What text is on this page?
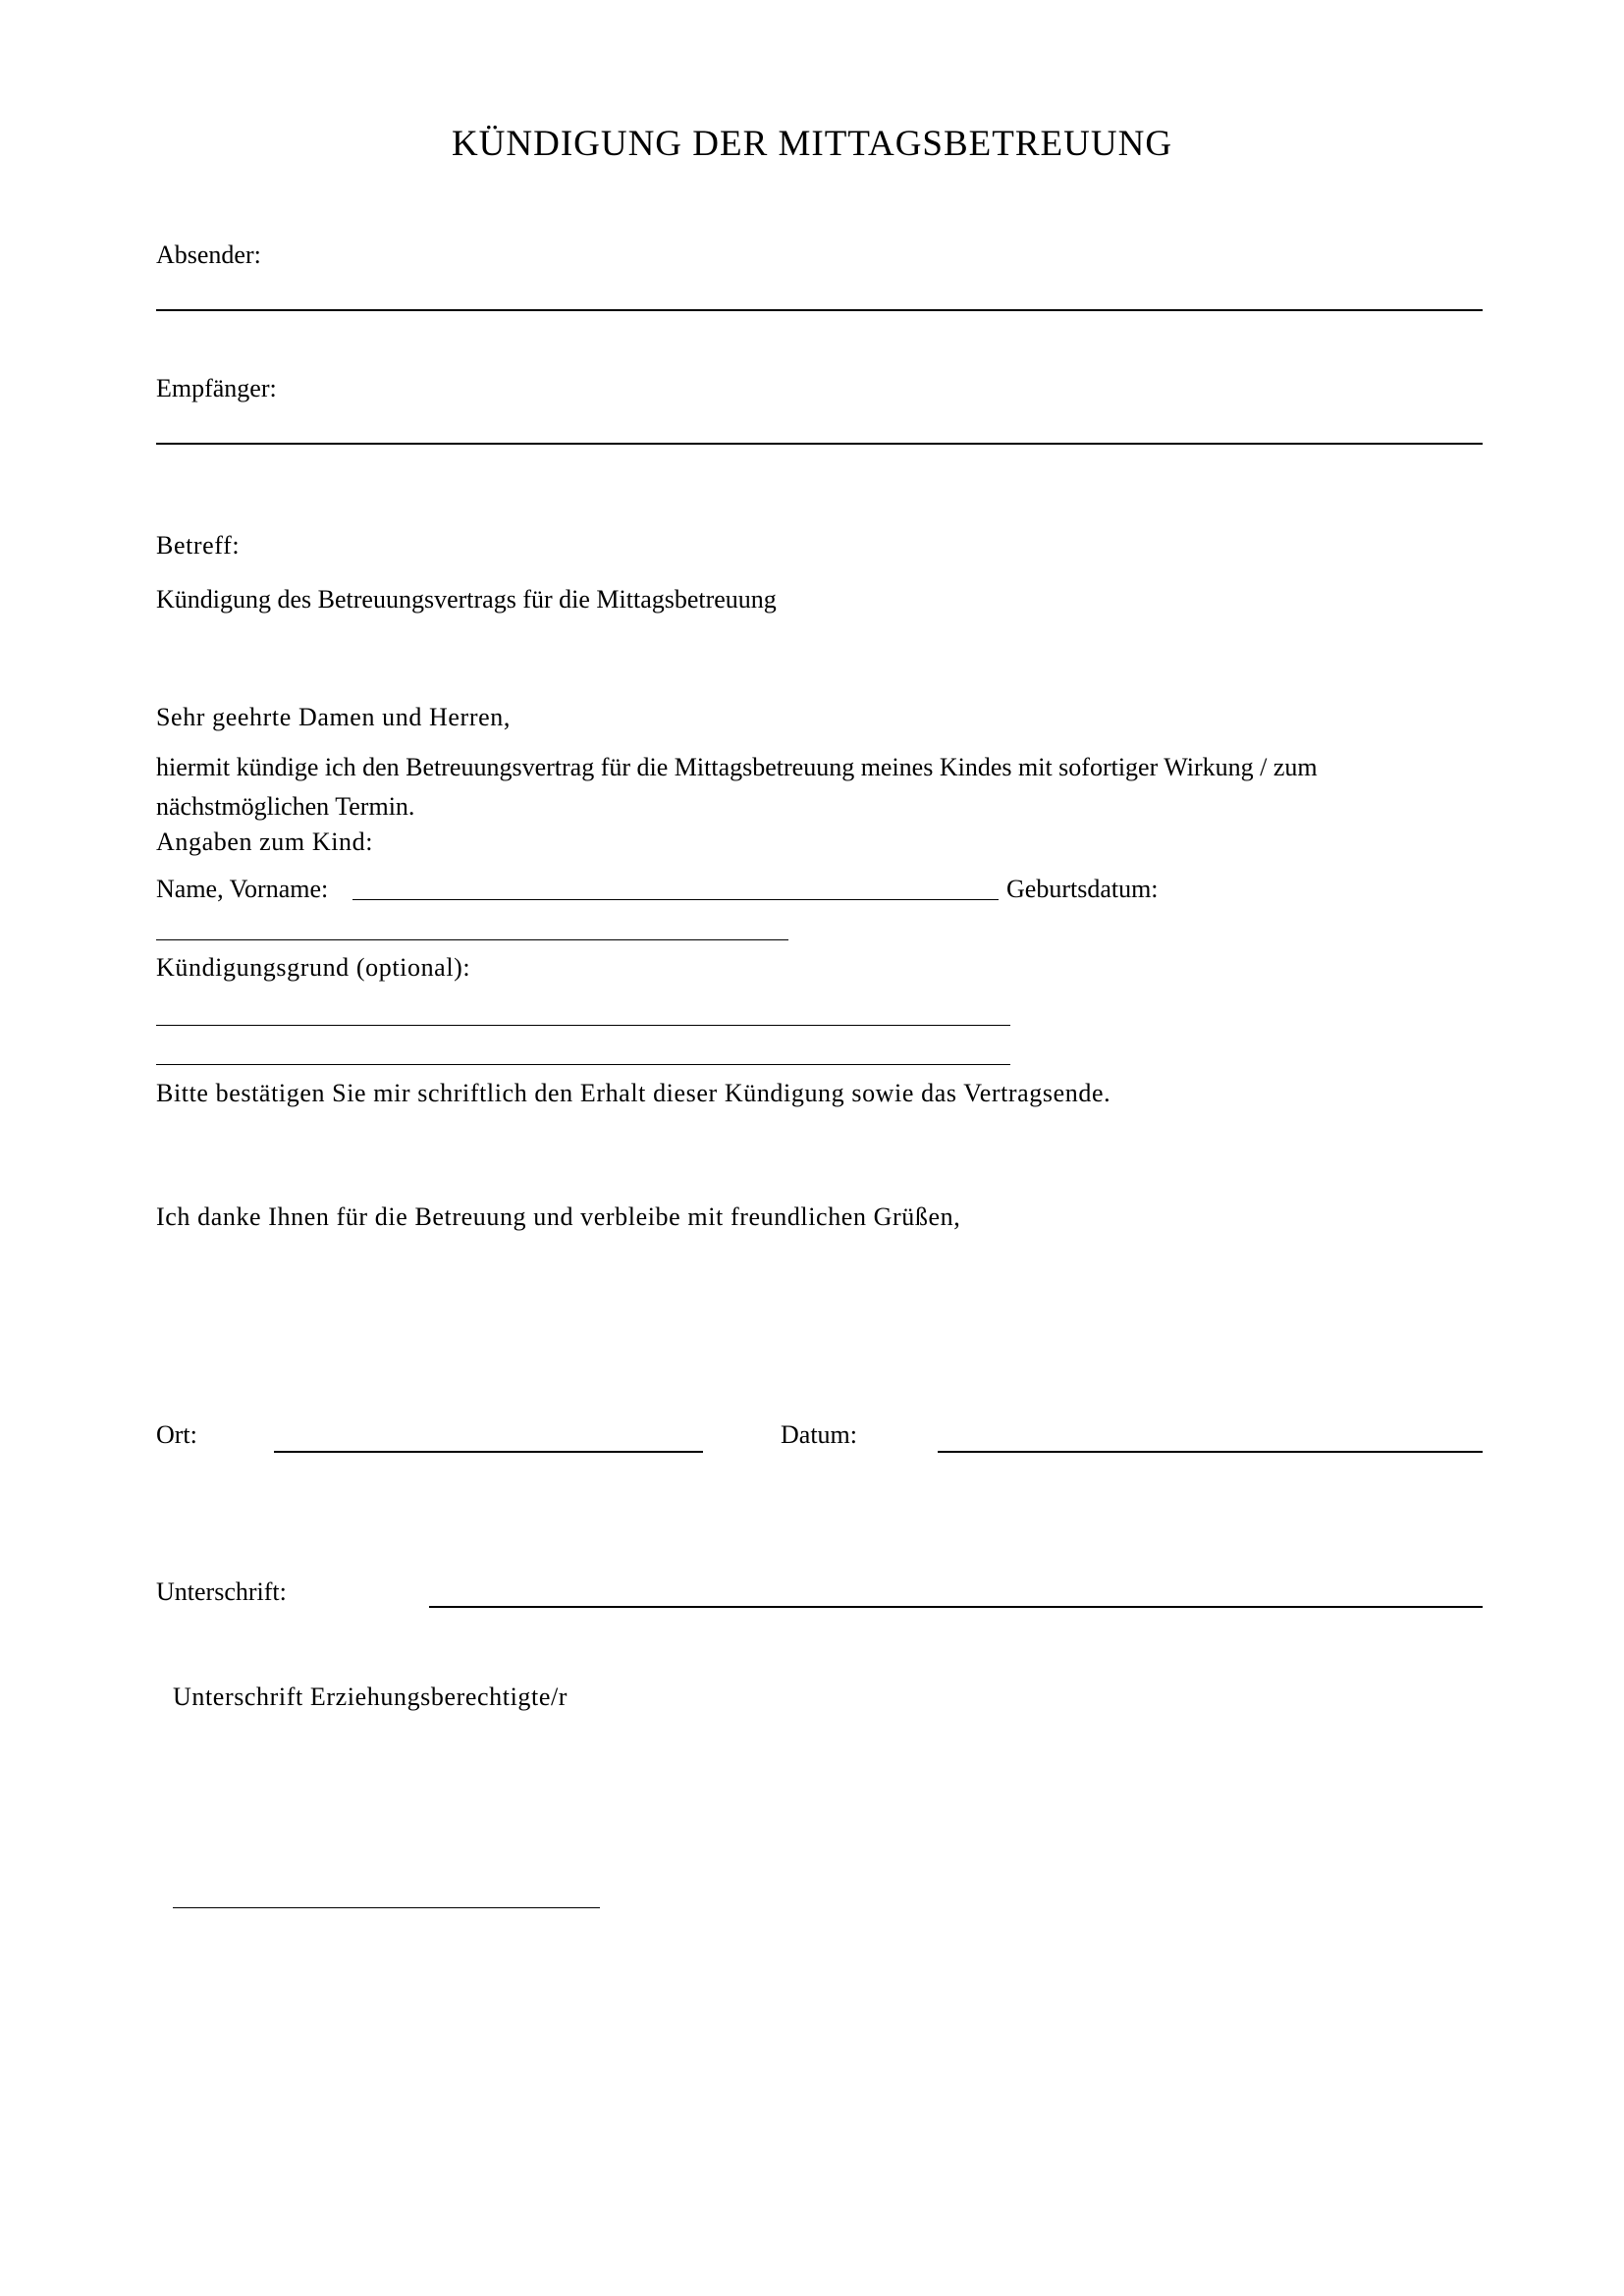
KÜNDIGUNG DER MITTAGSBETREUUNG
Absender:
Empfänger:
Betreff:
Kündigung des Betreuungsvertrags für die Mittagsbetreuung
Sehr geehrte Damen und Herren,
hiermit kündige ich den Betreuungsvertrag für die Mittagsbetreuung meines Kindes mit sofortiger Wirkung / zum nächstmöglichen Termin.
Angaben zum Kind:
Name, Vorname:	Geburtsdatum:
Kündigungsgrund (optional):
Bitte bestätigen Sie mir schriftlich den Erhalt dieser Kündigung sowie das Vertragsende.
Ich danke Ihnen für die Betreuung und verbleibe mit freundlichen Grüßen,
Ort:	Datum:
Unterschrift:
Unterschrift Erziehungsberechtigte/r
